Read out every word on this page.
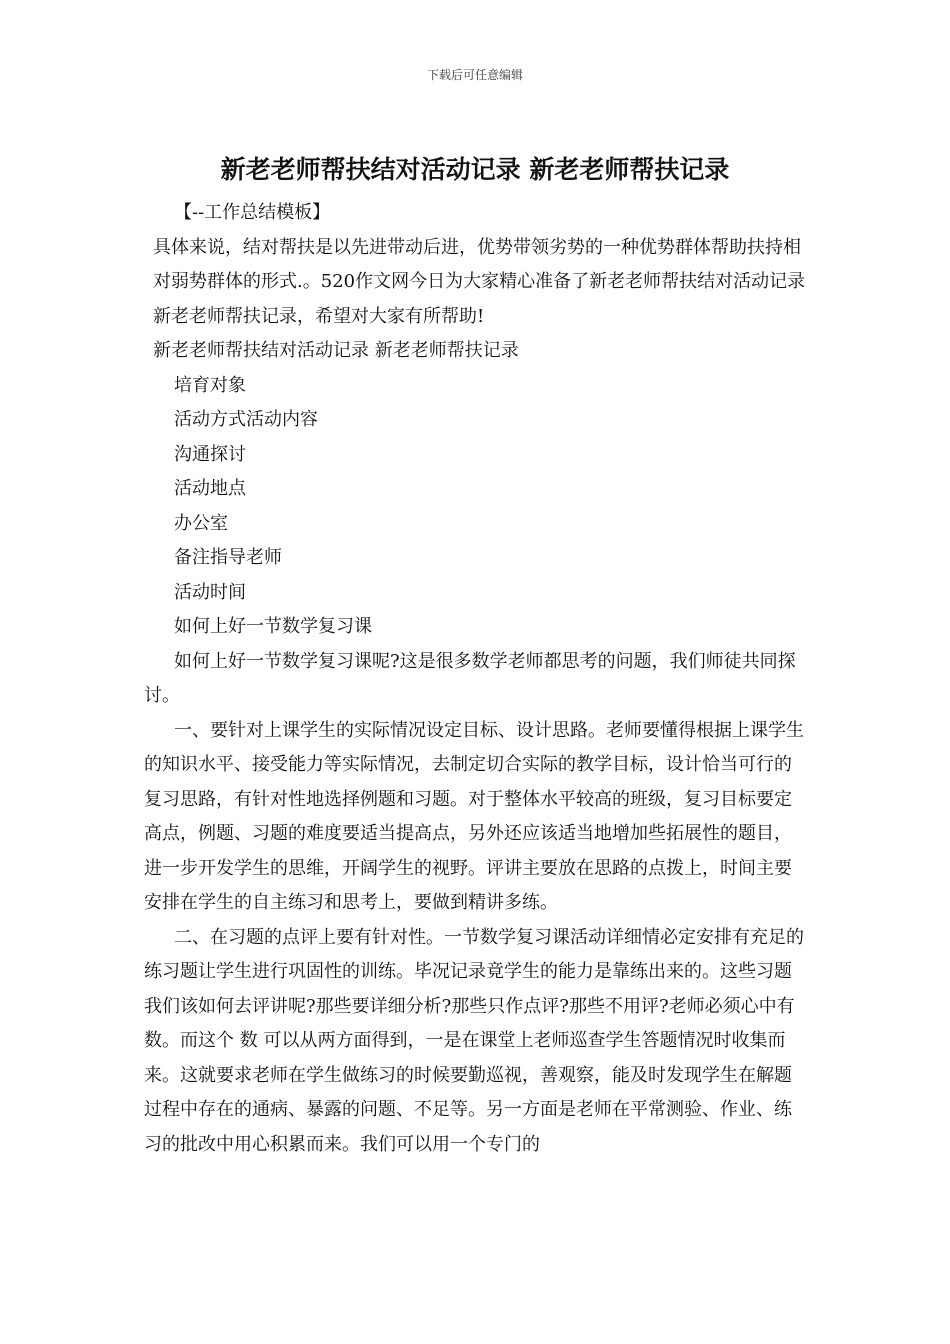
下载后可任意编辑
新老老师帮扶结对活动记录 新老老师帮扶记录

【--工作总结模板】

具体来说，结对帮扶是以先进带动后进，优势带领劣势的一种优势群体帮助扶持相对弱势群体的形式.。520作文网今日为大家精心准备了新老老师帮扶结对活动记录 新老老师帮扶记录，希望对大家有所帮助!

新老老师帮扶结对活动记录 新老老师帮扶记录

培育对象

活动方式活动内容

沟通探讨

活动地点

办公室

备注指导老师

活动时间

如何上好一节数学复习课

如何上好一节数学复习课呢?这是很多数学老师都思考的问题，我们师徒共同探讨。

一、要针对上课学生的实际情况设定目标、设计思路。老师要懂得根据上课学生的知识水平、接受能力等实际情况，去制定切合实际的教学目标，设计恰当可行的复习思路，有针对性地选择例题和习题。对于整体水平较高的班级，复习目标要定高点，例题、习题的难度要适当提高点，另外还应该适当地增加些拓展性的题目，进一步开发学生的思维，开阔学生的视野。评讲主要放在思路的点拨上，时间主要安排在学生的自主练习和思考上，要做到精讲多练。

二、在习题的点评上要有针对性。一节数学复习课活动详细情必定安排有充足的练习题让学生进行巩固性的训练。毕况记录竟学生的能力是靠练出来的。这些习题我们该如何去评讲呢?那些要详细分析?那些只作点评?那些不用评?老师必须心中有数。而这个 数 可以从两方面得到，一是在课堂上老师巡查学生答题情况时收集而来。这就要求老师在学生做练习的时候要勤巡视，善观察，能及时发现学生在解题过程中存在的通病、暴露的问题、不足等。另一方面是老师在平常测验、作业、练习的批改中用心积累而来。我们可以用一个专门的
